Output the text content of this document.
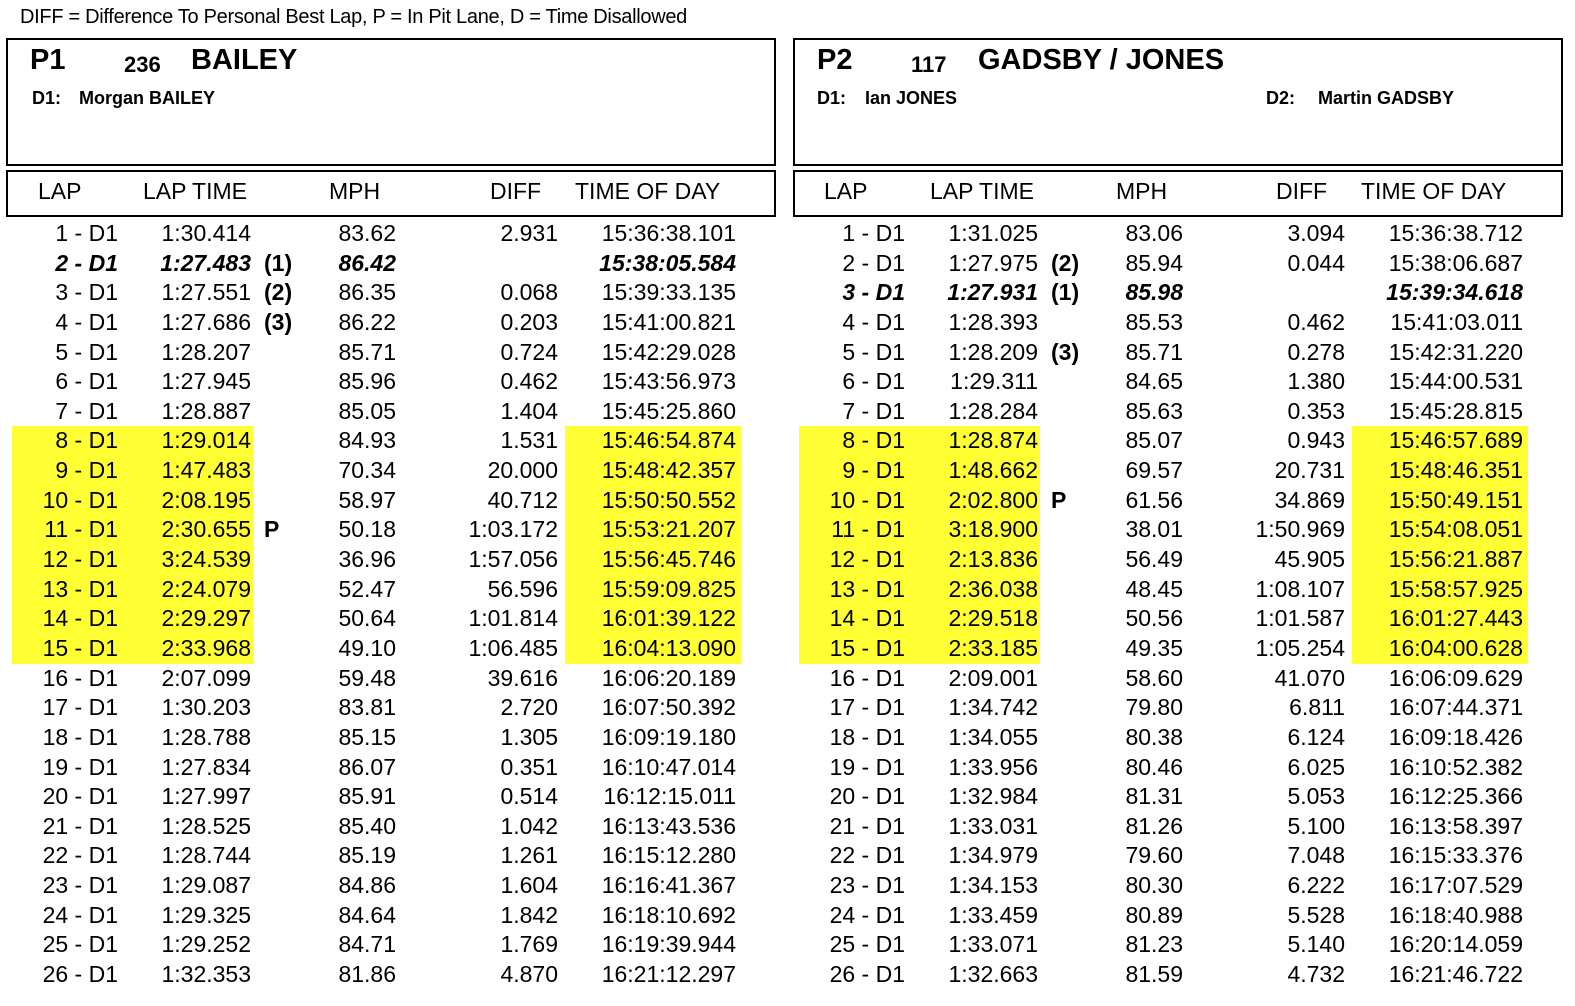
DIFF = Difference To Personal Best Lap, P = In Pit Lane, D = Time Disallowed
P1	236 BAILEY
D1: Morgan BAILEY
LAP	LAP TIME	MPH	DIFF TIME OF DAY
1 - D1 1:30.414	83.62	2.931 15:36:38.101
2 - D1 1:27.483 (1) 86.42	15:38:05.584
3 - D1 1:27.551 (2) 86.35	0.068 15:39:33.135
4 - D1 1:27.686 (3) 86.22	0.203 15:41:00.821
5 - D1 1:28.207	85.71	0.724 15:42:29.028
6 - D1 1:27.945	85.96	0.462 15:43:56.973
7 - D1 1:28.887	85.05	1.404 15:45:25.860
8 - D1 1:29.014	84.93	1.531 15:46:54.874
9 - D1 1:47.483	70.34	20.000 15:48:42.357
10 - D1 2:08.195	58.97	40.712 15:50:50.552
11 - D1 2:30.655 P	50.18	1:03.172 15:53:21.207
12 - D1 3:24.539	36.96	1:57.056 15:56:45.746
13 - D1 2:24.079	52.47	56.596 15:59:09.825
14 - D1 2:29.297	50.64	1:01.814 16:01:39.122
15 - D1 2:33.968	49.10	1:06.485 16:04:13.090
16 - D1 2:07.099	59.48	39.616 16:06:20.189
17 - D1 1:30.203	83.81	2.720 16:07:50.392
18 - D1 1:28.788	85.15	1.305 16:09:19.180
19 - D1 1:27.834	86.07	0.351 16:10:47.014
20 - D1 1:27.997	85.91	0.514 16:12:15.011
21 - D1 1:28.525	85.40	1.042 16:13:43.536
22 - D1 1:28.744	85.19	1.261 16:15:12.280
23 - D1 1:29.087	84.86	1.604 16:16:41.367
24 - D1 1:29.325	84.64	1.842 16:18:10.692
25 - D1 1:29.252	84.71	1.769 16:19:39.944
26 - D1 1:32.353	81.86	4.870 16:21:12.297
P2	117 GADSBY / JONES
D1: Ian JONES	D2: Martin GADSBY
LAP	LAP TIME	MPH	DIFF TIME OF DAY
1 - D1 1:31.025	83.06	3.094 15:36:38.712
2 - D1 1:27.975 (2) 85.94	0.044 15:38:06.687
3 - D1 1:27.931 (1) 85.98	15:39:34.618
4 - D1 1:28.393	85.53	0.462 15:41:03.011
5 - D1 1:28.209 (3) 85.71	0.278 15:42:31.220
6 - D1 1:29.311	84.65	1.380 15:44:00.531
7 - D1 1:28.284	85.63	0.353 15:45:28.815
8 - D1 1:28.874	85.07	0.943 15:46:57.689
9 - D1 1:48.662	69.57	20.731 15:48:46.351
10 - D1 2:02.800 P	61.56	34.869 15:50:49.151
11 - D1 3:18.900	38.01	1:50.969 15:54:08.051
12 - D1 2:13.836	56.49	45.905 15:56:21.887
13 - D1 2:36.038	48.45	1:08.107 15:58:57.925
14 - D1 2:29.518	50.56	1:01.587 16:01:27.443
15 - D1 2:33.185	49.35	1:05.254 16:04:00.628
16 - D1 2:09.001	58.60	41.070 16:06:09.629
17 - D1 1:34.742	79.80	6.811 16:07:44.371
18 - D1 1:34.055	80.38	6.124 16:09:18.426
19 - D1 1:33.956	80.46	6.025 16:10:52.382
20 - D1 1:32.984	81.31	5.053 16:12:25.366
21 - D1 1:33.031	81.26	5.100 16:13:58.397
22 - D1 1:34.979	79.60	7.048 16:15:33.376
23 - D1 1:34.153	80.30	6.222 16:17:07.529
24 - D1 1:33.459	80.89	5.528 16:18:40.988
25 - D1 1:33.071	81.23	5.140 16:20:14.059
26 - D1 1:32.663	81.59	4.732 16:21:46.722
